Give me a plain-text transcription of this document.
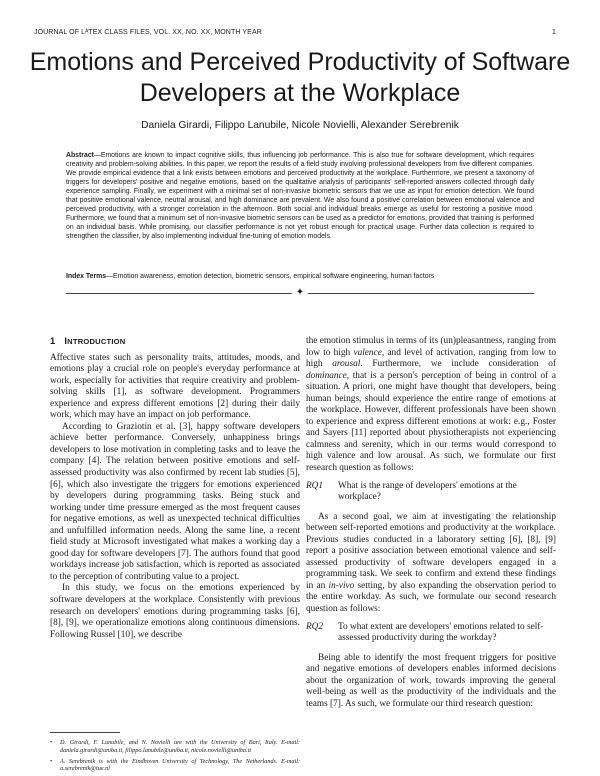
JOURNAL OF LᴬTEX CLASS FILES, VOL. XX, NO. XX, MONTH YEAR	1
Emotions and Perceived Productivity of Software Developers at the Workplace
Daniela Girardi, Filippo Lanubile, Nicole Novielli, Alexander Serebrenik

Abstract—Emotions are known to impact cognitive skills, thus influencing job performance. This is also true for software development, which requires creativity and problem-solving abilities. In this paper, we report the results of a field study involving professional developers from five different companies. We provide empirical evidence that a link exists between emotions and perceived productivity at the workplace. Furthermore, we present a taxonomy of triggers for developers' positive and negative emotions, based on the qualitative analysis of participants' self-reported answers collected through daily experience sampling. Finally, we experiment with a minimal set of non-invasive biometric sensors that we use as input for emotion detection. We found that positive emotional valence, neutral arousal, and high dominance are prevalent. We also found a positive correlation between emotional valence and perceived productivity, with a stronger correlation in the afternoon. Both social and individual breaks emerge as useful for restoring a positive mood. Furthermore, we found that a minimum set of non-invasive biometric sensors can be used as a predictor for emotions, provided that training is performed on an individual basis. While promising, our classifier performance is not yet robust enough for practical usage. Further data collection is required to strengthen the classifier, by also implementing individual fine-tuning of emotion models.

Index Terms—Emotion awareness, emotion detection, biometric sensors, empirical software engineering, human factors

✦
1 INTRODUCTION

Affective states such as personality traits, attitudes, moods, and emotions play a crucial role on people's everyday performance at work, especially for activities that require creativity and problem-solving skills [1], as software development. Programmers experience and express different emotions [2] during their daily work, which may have an impact on job performance.

According to Graziotin et al. [3], happy software developers achieve better performance. Conversely, unhappiness brings developers to lose motivation in completing tasks and to leave the company [4]. The relation between positive emotions and self-assessed productivity was also confirmed by recent lab studies [5], [6], which also investigate the triggers for emotions experienced by developers during programming tasks. Being stuck and working under time pressure emerged as the most frequent causes for negative emotions, as well as unexpected technical difficulties and unfulfilled information needs. Along the same line, a recent field study at Microsoft investigated what makes a working day a good day for software developers [7]. The authors found that good workdays increase job satisfaction, which is reported as associated to the perception of contributing value to a project.

In this study, we focus on the emotions experienced by software developers at the workplace. Consistently with previous research on developers' emotions during programming tasks [6], [8], [9], we operationalize emotions along continuous dimensions. Following Russel [10], we describe

the emotion stimulus in terms of its (un)pleasantness, ranging from low to high valence, and level of activation, ranging from low to high arousal. Furthermore, we include consideration of dominance, that is a person's perception of being in control of a situation. A priori, one might have thought that developers, being human beings, should experience the entire range of emotions at the workplace. However, different professionals have been shown to experience and express different emotions at work: e.g., Foster and Sayers [11] reported about physiotherapists not experiencing calmness and serenity, which in our terms would correspond to high valence and low arousal. As such, we formulate our first research question as follows:

RQ1	What is the range of developers' emotions at the workplace?

As a second goal, we aim at investigating the relationship between self-reported emotions and productivity at the workplace. Previous studies conducted in a laboratory setting [6], [8], [9] report a positive association between emotional valence and self-assessed productivity of software developers engaged in a programming task. We seek to confirm and extend these findings in an in-vivo setting, by also expanding the observation period to the entire workday. As such, we formulate our second research question as follows:

RQ2	To what extent are developers' emotions related to self-assessed productivity during the workday?

Being able to identify the most frequent triggers for positive and negative emotions of developers enables informed decisions about the organization of work, towards improving the general well-being as well as the productivity of the individuals and the teams [7]. As such, we formulate our third research question:

•	D. Girardi, F. Lanubile, and N. Novielli are with the University of Bari, Italy. E-mail: daniela.girardi@uniba.it, filippo.lanubile@uniba.it, nicole.novielli@uniba.it
•	A. Serebrenik is with the Eindhoven University of Technology, The Netherlands. E-mail: a.serebrenik@tue.nl
